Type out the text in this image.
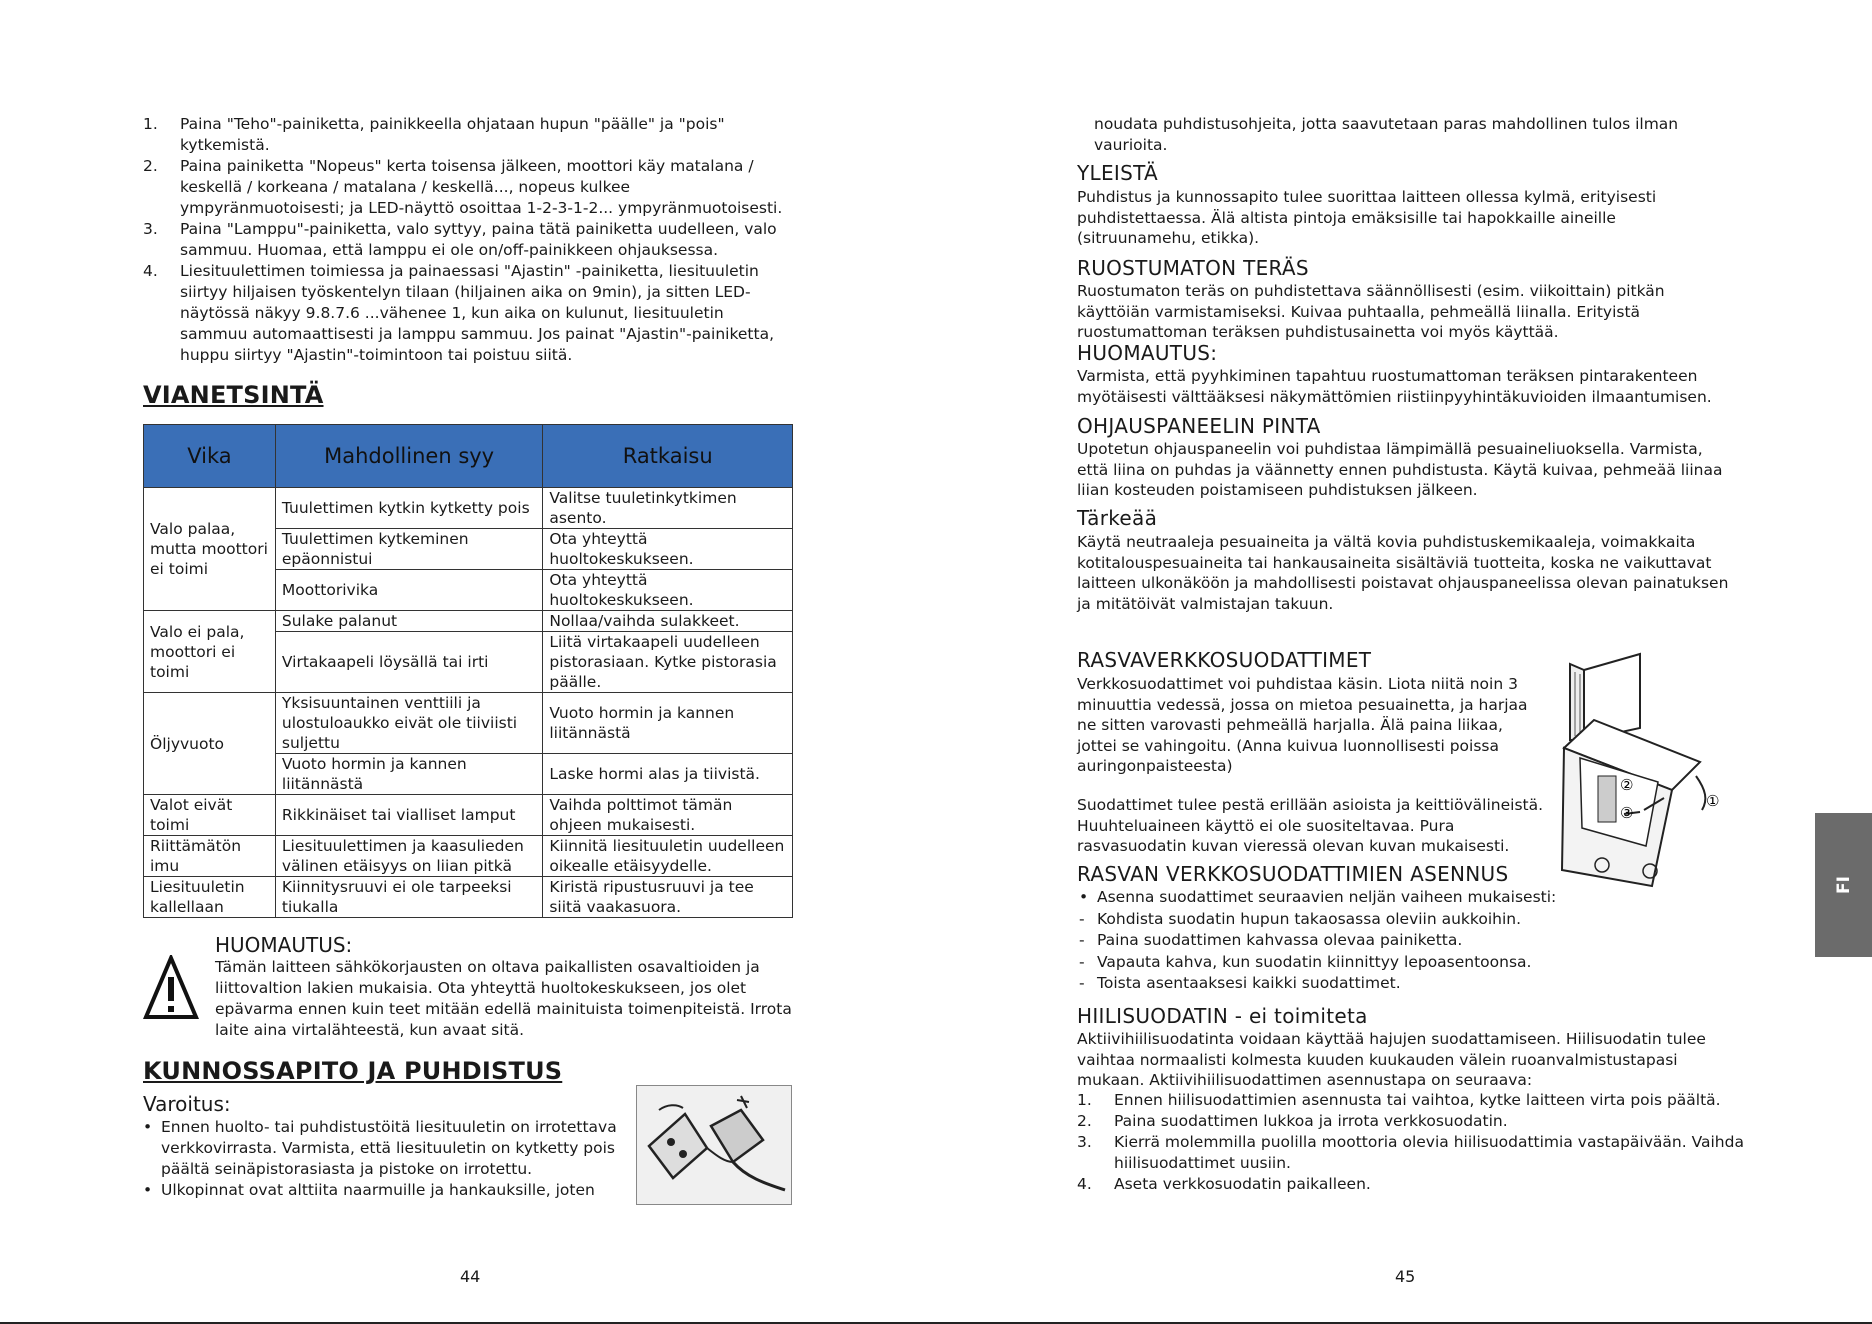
1. Paina "Teho"-painiketta, painikkeella ohjataan hupun "päälle" ja "pois" kytkemistä.
2. Paina painiketta "Nopeus" kerta toisensa jälkeen, moottori käy matalana / keskellä / korkeana / matalana / keskellä..., nopeus kulkee ympyränmuotoisesti; ja LED-näyttö osoittaa 1-2-3-1-2... ympyränmuotoisesti.
3. Paina "Lamppu"-painiketta, valo syttyy, paina tätä painiketta uudelleen, valo sammuu. Huomaa, että lamppu ei ole on/off-painikkeen ohjauksessa.
4. Liesituulettimen toimiessa ja painaessasi "Ajastin" -painiketta, liesituuletin siirtyy hiljaisen työskentelyn tilaan (hiljainen aika on 9min), ja sitten LED-näytössä näkyy 9.8.7.6 ...vähenee 1, kun aika on kulunut, liesituuletin sammuu automaattisesti ja lamppu sammuu. Jos painat "Ajastin"-painiketta, huppu siirtyy "Ajastin"-toimintoon tai poistuu siitä.
VIANETSINTÄ
Vika	Mahdollinen syy	Ratkaisu
Valo palaa, mutta moottori ei toimi	Tuulettimen kytkin kytketty pois	Valitse tuuletinkytkimen asento.
	Tuulettimen kytkeminen epäonnistui	Ota yhteyttä huoltokeskukseen.
	Moottorivika	Ota yhteyttä huoltokeskukseen.
Valo ei pala, moottori ei toimi	Sulake palanut	Nollaa/vaihda sulakkeet.
	Virtakaapeli löysällä tai irti	Liitä virtakaapeli uudelleen pistorasiaan. Kytke pistorasia päälle.
Öljyvuoto	Yksisuuntainen venttiili ja ulostuloaukko eivät ole tiiviisti suljettu	Vuoto hormin ja kannen liitännästä
	Vuoto hormin ja kannen liitännästä	Laske hormi alas ja tiivistä.
Valot eivät toimi	Rikkinäiset tai vialliset lamput	Vaihda polttimot tämän ohjeen mukaisesti.
Riittämätön imu	Liesituulettimen ja kaasulieden välinen etäisyys on liian pitkä	Kiinnitä liesituuletin uudelleen oikealle etäisyydelle.
Liesituuletin kallellaan	Kiinnitysruuvi ei ole tarpeeksi tiukalla	Kiristä ripustusruuvi ja tee siitä vaakasuora.
HUOMAUTUS:
Tämän laitteen sähkökorjausten on oltava paikallisten osavaltioiden ja liittovaltion lakien mukaisia. Ota yhteyttä huoltokeskukseen, jos olet epävarma ennen kuin teet mitään edellä mainituista toimenpiteistä. Irrota laite aina virtalähteestä, kun avaat sitä.
KUNNOSSAPITO JA PUHDISTUS
Varoitus:
• Ennen huolto- tai puhdistustöitä liesituuletin on irrotettava verkkovirrasta. Varmista, että liesituuletin on kytketty pois päältä seinäpistorasiasta ja pistoke on irrotettu.
• Ulkopinnat ovat alttiita naarmuille ja hankauksille, joten
44
noudata puhdistusohjeita, jotta saavutetaan paras mahdollinen tulos ilman vaurioita.
YLEISTÄ
Puhdistus ja kunnossapito tulee suorittaa laitteen ollessa kylmä, erityisesti puhdistettaessa. Älä altista pintoja emäksisille tai hapokkaille aineille (sitruunamehu, etikka).
RUOSTUMATON TERÄS
Ruostumaton teräs on puhdistettava säännöllisesti (esim. viikoittain) pitkän käyttöiän varmistamiseksi. Kuivaa puhtaalla, pehmeällä liinalla. Erityistä ruostumattoman teräksen puhdistusainetta voi myös käyttää.
HUOMAUTUS:
Varmista, että pyyhkiminen tapahtuu ruostumattoman teräksen pintarakenteen myötäisesti välttääksesi näkymättömien riistiinpyyhintäkuvioiden ilmaantumisen.
OHJAUSPANEELIN PINTA
Upotetun ohjauspaneelin voi puhdistaa lämpimällä pesuaineliuoksella. Varmista, että liina on puhdas ja väännetty ennen puhdistusta. Käytä kuivaa, pehmeää liinaa liian kosteuden poistamiseen puhdistuksen jälkeen.
Tärkeää
Käytä neutraaleja pesuaineita ja vältä kovia puhdistuskemikaaleja, voimakkaita kotitalouspesuaineita tai hankausaineita sisältäviä tuotteita, koska ne vaikuttavat laitteen ulkonäköön ja mahdollisesti poistavat ohjauspaneelissa olevan painatuksen ja mitätöivät valmistajan takuun.
RASVAVERKKOSUODATTIMET
Verkkosuodattimet voi puhdistaa käsin. Liota niitä noin 3 minuuttia vedessä, jossa on mietoa pesuainetta, ja harjaa ne sitten varovasti pehmeällä harjalla. Älä paina liikaa, jottei se vahingoitu. (Anna kuivua luonnollisesti poissa auringonpaisteesta)
Suodattimet tulee pestä erillään asioista ja keittiövälineistä. Huuhteluaineen käyttö ei ole suositeltavaa. Pura rasvasuodatin kuvan vieressä olevan kuvan mukaisesti.
①
②
③
RASVAN VERKKOSUODATTIMIEN ASENNUS
• Asenna suodattimet seuraavien neljän vaiheen mukaisesti:
- Kohdista suodatin hupun takaosassa oleviin aukkoihin.
- Paina suodattimen kahvassa olevaa painiketta.
- Vapauta kahva, kun suodatin kiinnittyy lepoasentoonsa.
- Toista asentaaksesi kaikki suodattimet.
HIILISUODATIN - ei toimiteta
Aktiivihiilisuodatinta voidaan käyttää hajujen suodattamiseen. Hiilisuodatin tulee vaihtaa normaalisti kolmesta kuuden kuukauden välein ruoanvalmistustapasi mukaan. Aktiivihiilisuodattimen asennustapa on seuraava:
1. Ennen hiilisuodattimien asennusta tai vaihtoa, kytke laitteen virta pois päältä.
2. Paina suodattimen lukkoa ja irrota verkkosuodatin.
3. Kierrä molemmilla puolilla moottoria olevia hiilisuodattimia vastapäivään. Vaihda hiilisuodattimet uusiin.
4. Aseta verkkosuodatin paikalleen.
45
FI
